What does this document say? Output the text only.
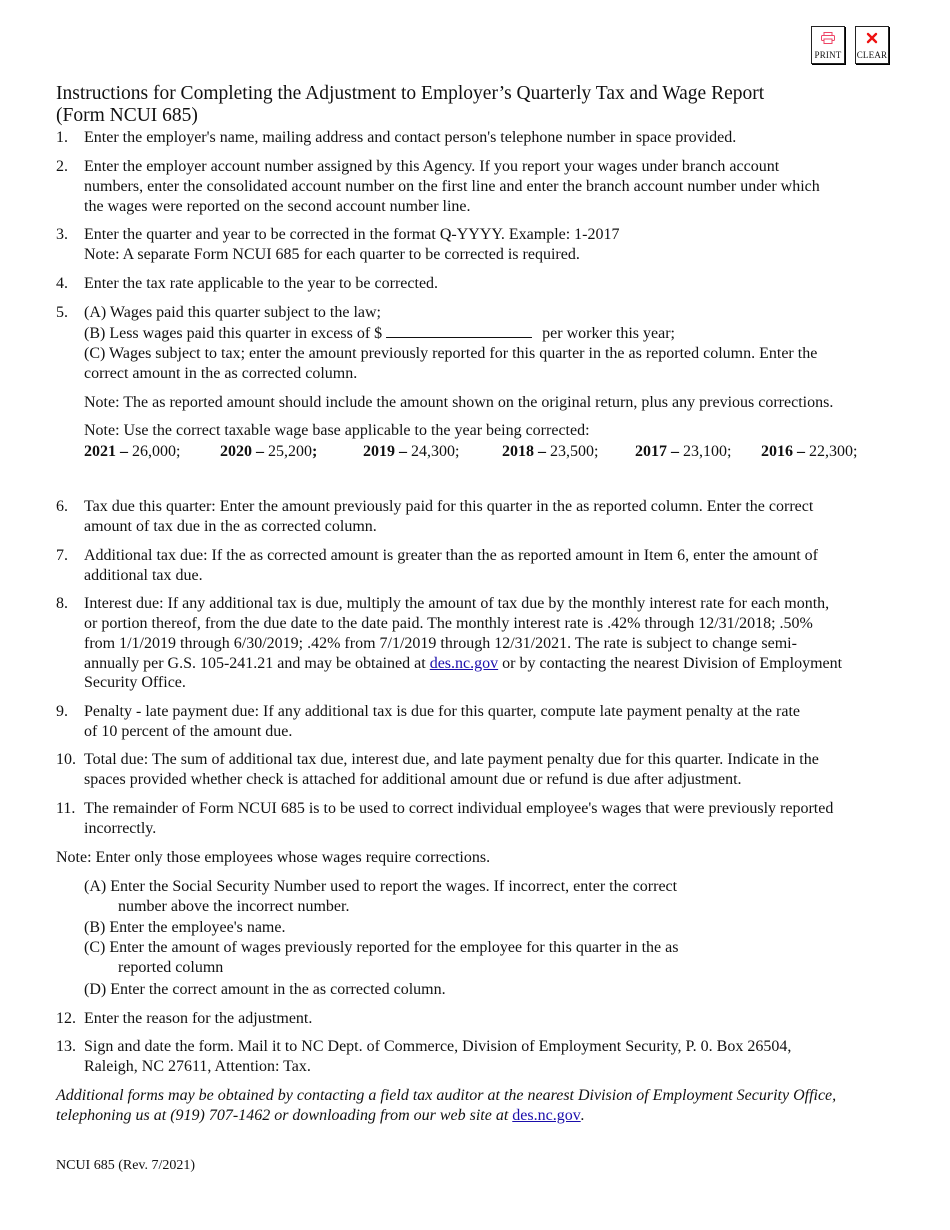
PRINT CLEAR
Instructions for Completing the Adjustment to Employer’s Quarterly Tax and Wage Report
(Form NCUI 685)
1. Enter the employer's name, mailing address and contact person's telephone number in space provided.
2. Enter the employer account number assigned by this Agency. If you report your wages under branch account
numbers, enter the consolidated account number on the first line and enter the branch account number under which
the wages were reported on the second account number line.
3. Enter the quarter and year to be corrected in the format Q-YYYY. Example: 1-2017
Note: A separate Form NCUI 685 for each quarter to be corrected is required.
4. Enter the tax rate applicable to the year to be corrected.
5. (A) Wages paid this quarter subject to the law;
(B) Less wages paid this quarter in excess of $	per worker this year;
(C) Wages subject to tax; enter the amount previously reported for this quarter in the as reported column. Enter the
correct amount in the as corrected column.
Note: The as reported amount should include the amount shown on the original return, plus any previous corrections.
Note: Use the correct taxable wage base applicable to the year being corrected:
2021 – 26,000; 2020 – 25,200;	2019 – 24,300;	2018 – 23,500; 2017 – 23,100; 2016 – 22,300;
6. Tax due this quarter: Enter the amount previously paid for this quarter in the as reported column. Enter the correct
amount of tax due in the as corrected column.
7. Additional tax due: If the as corrected amount is greater than the as reported amount in Item 6, enter the amount of
additional tax due.
8. Interest due: If any additional tax is due, multiply the amount of tax due by the monthly interest rate for each month,
or portion thereof, from the due date to the date paid. The monthly interest rate is .42% through 12/31/2018; .50%
from 1/1/2019 through 6/30/2019; .42% from 7/1/2019 through 12/31/2021. The rate is subject to change semi-
annually per G.S. 105-241.21 and may be obtained at des.nc.gov or by contacting the nearest Division of Employment
Security Office.
9. Penalty - late payment due: If any additional tax is due for this quarter, compute late payment penalty at the rate
of 10 percent of the amount due.
10. Total due: The sum of additional tax due, interest due, and late payment penalty due for this quarter. Indicate in the
spaces provided whether check is attached for additional amount due or refund is due after adjustment.
11. The remainder of Form NCUI 685 is to be used to correct individual employee's wages that were previously reported
incorrectly.
Note: Enter only those employees whose wages require corrections.
(A) Enter the Social Security Number used to report the wages. If incorrect, enter the correct
number above the incorrect number.
(B) Enter the employee's name.
(C) Enter the amount of wages previously reported for the employee for this quarter in the as
reported column
(D) Enter the correct amount in the as corrected column.
12. Enter the reason for the adjustment.
13. Sign and date the form. Mail it to NC Dept. of Commerce, Division of Employment Security, P. 0. Box 26504,
Raleigh, NC 27611, Attention: Tax.
Additional forms may be obtained by contacting a field tax auditor at the nearest Division of Employment Security Office,
telephoning us at (919) 707-1462 or downloading from our web site at des.nc.gov.
NCUI 685 (Rev. 7/2021)
